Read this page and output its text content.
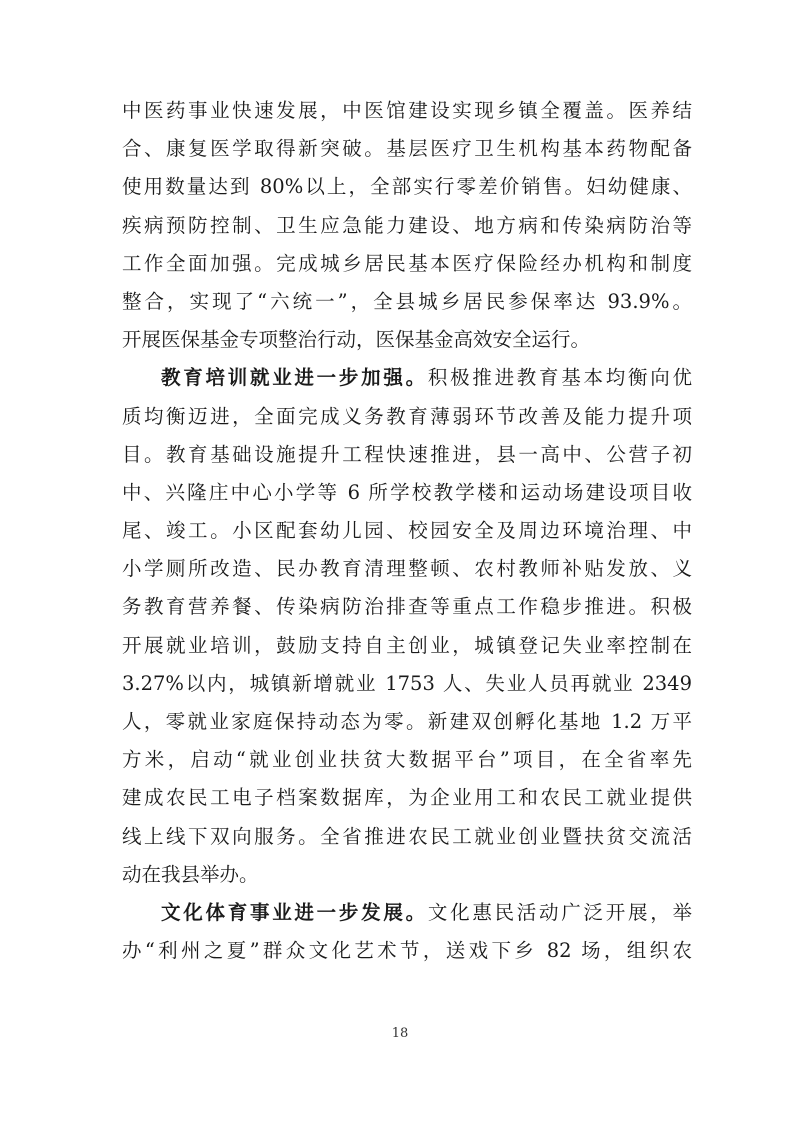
中医药事业快速发展，中医馆建设实现乡镇全覆盖。医养结
合、康复医学取得新突破。基层医疗卫生机构基本药物配备
使用数量达到 80%以上，全部实行零差价销售。妇幼健康、
疾病预防控制、卫生应急能力建设、地方病和传染病防治等
工作全面加强。完成城乡居民基本医疗保险经办机构和制度
整合，实现了“六统一”，全县城乡居民参保率达 93.9%。
开展医保基金专项整治行动，医保基金高效安全运行。
教育培训就业进一步加强。积极推进教育基本均衡向优
质均衡迈进，全面完成义务教育薄弱环节改善及能力提升项
目。教育基础设施提升工程快速推进，县一高中、公营子初
中、兴隆庄中心小学等 6 所学校教学楼和运动场建设项目收
尾、竣工。小区配套幼儿园、校园安全及周边环境治理、中
小学厕所改造、民办教育清理整顿、农村教师补贴发放、义
务教育营养餐、传染病防治排查等重点工作稳步推进。积极
开展就业培训，鼓励支持自主创业，城镇登记失业率控制在
3.27%以内，城镇新增就业 1753 人、失业人员再就业 2349
人，零就业家庭保持动态为零。新建双创孵化基地 1.2 万平
方米，启动“就业创业扶贫大数据平台”项目，在全省率先
建成农民工电子档案数据库，为企业用工和农民工就业提供
线上线下双向服务。全省推进农民工就业创业暨扶贫交流活
动在我县举办。
文化体育事业进一步发展。文化惠民活动广泛开展，举
办“利州之夏”群众文化艺术节，送戏下乡 82 场，组织农
18
